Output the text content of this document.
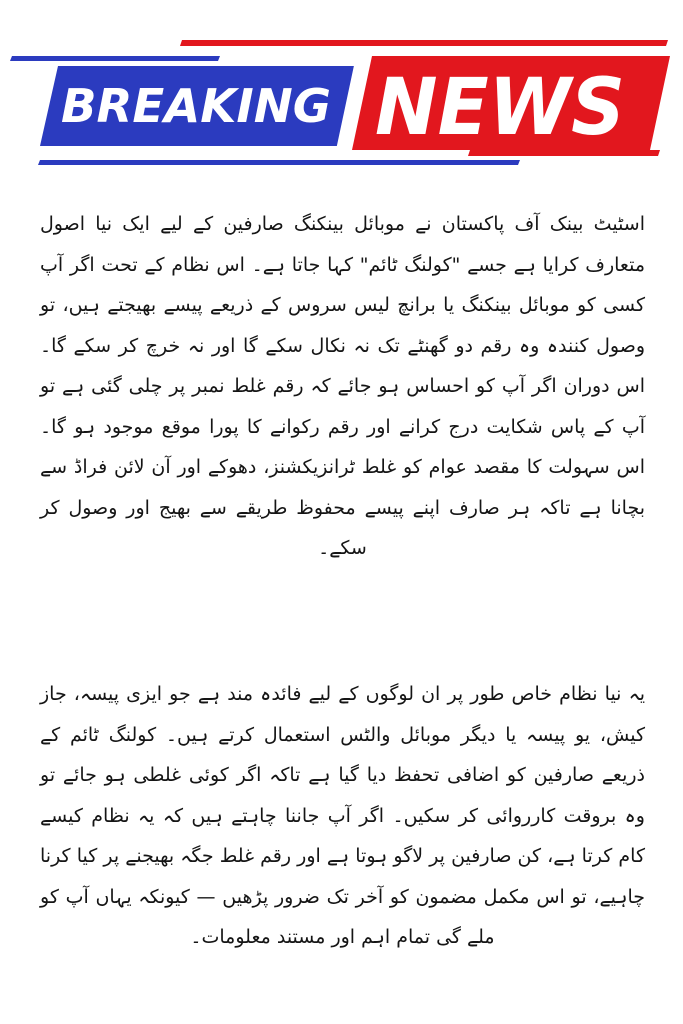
BREAKING NEWS

اسٹیٹ بینک آف پاکستان نے موبائل بینکنگ صارفین کے لیے ایک نیا اصول متعارف کرایا ہے جسے "کولنگ ٹائم" کہا جاتا ہے۔ اس نظام کے تحت اگر آپ کسی کو موبائل بینکنگ یا برانچ لیس سروس کے ذریعے پیسے بھیجتے ہیں، تو وصول کنندہ وہ رقم دو گھنٹے تک نہ نکال سکے گا اور نہ خرچ کر سکے گا۔ اس دوران اگر آپ کو احساس ہو جائے کہ رقم غلط نمبر پر چلی گئی ہے تو آپ کے پاس شکایت درج کرانے اور رقم رکوانے کا پورا موقع موجود ہو گا۔ اس سہولت کا مقصد عوام کو غلط ٹرانزیکشنز، دھوکے اور آن لائن فراڈ سے بچانا ہے تاکہ ہر صارف اپنے پیسے محفوظ طریقے سے بھیج اور وصول کر سکے۔

یہ نیا نظام خاص طور پر ان لوگوں کے لیے فائدہ مند ہے جو ایزی پیسہ، جاز کیش، یو پیسہ یا دیگر موبائل والٹس استعمال کرتے ہیں۔ کولنگ ٹائم کے ذریعے صارفین کو اضافی تحفظ دیا گیا ہے تاکہ اگر کوئی غلطی ہو جائے تو وہ بروقت کارروائی کر سکیں۔ اگر آپ جاننا چاہتے ہیں کہ یہ نظام کیسے کام کرتا ہے، کن صارفین پر لاگو ہوتا ہے اور رقم غلط جگہ بھیجنے پر کیا کرنا چاہیے، تو اس مکمل مضمون کو آخر تک ضرور پڑھیں — کیونکہ یہاں آپ کو ملے گی تمام اہم اور مستند معلومات۔
